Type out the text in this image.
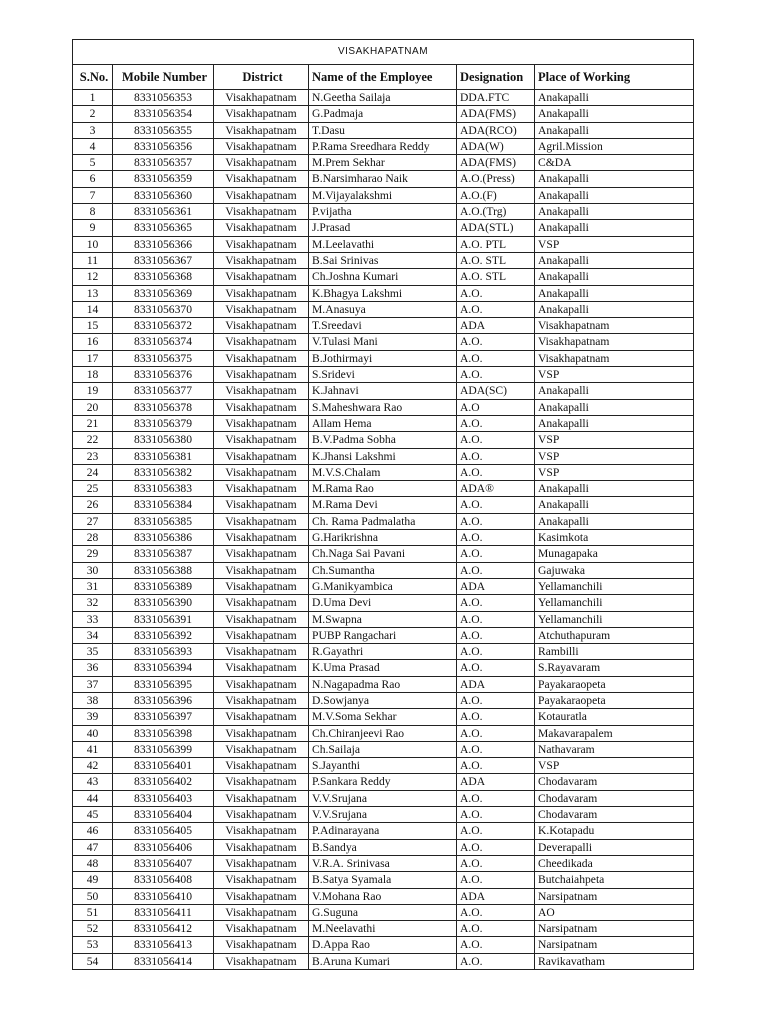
VISAKHAPATNAM					
S.No.	Mobile Number	District	Name of the Employee	Designation	Place of Working
1	8331056353	Visakhapatnam	N.Geetha Sailaja	DDA.FTC	Anakapalli
2	8331056354	Visakhapatnam	G.Padmaja	ADA(FMS)	Anakapalli
3	8331056355	Visakhapatnam	T.Dasu	ADA(RCO)	Anakapalli
4	8331056356	Visakhapatnam	P.Rama Sreedhara Reddy	ADA(W)	Agril.Mission
5	8331056357	Visakhapatnam	M.Prem Sekhar	ADA(FMS)	C&DA
6	8331056359	Visakhapatnam	B.Narsimharao Naik	A.O.(Press)	Anakapalli
7	8331056360	Visakhapatnam	M.Vijayalakshmi	A.O.(F)	Anakapalli
8	8331056361	Visakhapatnam	P.vijatha	A.O.(Trg)	Anakapalli
9	8331056365	Visakhapatnam	J.Prasad	ADA(STL)	Anakapalli
10	8331056366	Visakhapatnam	M.Leelavathi	A.O. PTL	VSP
11	8331056367	Visakhapatnam	B.Sai Srinivas	A.O. STL	Anakapalli
12	8331056368	Visakhapatnam	Ch.Joshna Kumari	A.O. STL	Anakapalli
13	8331056369	Visakhapatnam	K.Bhagya Lakshmi	A.O.	Anakapalli
14	8331056370	Visakhapatnam	M.Anasuya	A.O.	Anakapalli
15	8331056372	Visakhapatnam	T.Sreedavi	ADA	Visakhapatnam
16	8331056374	Visakhapatnam	V.Tulasi Mani	A.O.	Visakhapatnam
17	8331056375	Visakhapatnam	B.Jothirmayi	A.O.	Visakhapatnam
18	8331056376	Visakhapatnam	S.Sridevi	A.O.	VSP
19	8331056377	Visakhapatnam	K.Jahnavi	ADA(SC)	Anakapalli
20	8331056378	Visakhapatnam	S.Maheshwara Rao	A.O	Anakapalli
21	8331056379	Visakhapatnam	Allam Hema	A.O.	Anakapalli
22	8331056380	Visakhapatnam	B.V.Padma Sobha	A.O.	VSP
23	8331056381	Visakhapatnam	K.Jhansi Lakshmi	A.O.	VSP
24	8331056382	Visakhapatnam	M.V.S.Chalam	A.O.	VSP
25	8331056383	Visakhapatnam	M.Rama Rao	ADA®	Anakapalli
26	8331056384	Visakhapatnam	M.Rama Devi	A.O.	Anakapalli
27	8331056385	Visakhapatnam	Ch. Rama Padmalatha	A.O.	Anakapalli
28	8331056386	Visakhapatnam	G.Harikrishna	A.O.	Kasimkota
29	8331056387	Visakhapatnam	Ch.Naga Sai Pavani	A.O.	Munagapaka
30	8331056388	Visakhapatnam	Ch.Sumantha	A.O.	Gajuwaka
31	8331056389	Visakhapatnam	G.Manikyambica	ADA	Yellamanchili
32	8331056390	Visakhapatnam	D.Uma Devi	A.O.	Yellamanchili
33	8331056391	Visakhapatnam	M.Swapna	A.O.	Yellamanchili
34	8331056392	Visakhapatnam	PUBP Rangachari	A.O.	Atchuthapuram
35	8331056393	Visakhapatnam	R.Gayathri	A.O.	Rambilli
36	8331056394	Visakhapatnam	K.Uma Prasad	A.O.	S.Rayavaram
37	8331056395	Visakhapatnam	N.Nagapadma Rao	ADA	Payakaraopeta
38	8331056396	Visakhapatnam	D.Sowjanya	A.O.	Payakaraopeta
39	8331056397	Visakhapatnam	M.V.Soma Sekhar	A.O.	Kotauratla
40	8331056398	Visakhapatnam	Ch.Chiranjeevi Rao	A.O.	Makavarapalem
41	8331056399	Visakhapatnam	Ch.Sailaja	A.O.	Nathavaram
42	8331056401	Visakhapatnam	S.Jayanthi	A.O.	VSP
43	8331056402	Visakhapatnam	P.Sankara Reddy	ADA	Chodavaram
44	8331056403	Visakhapatnam	V.V.Srujana	A.O.	Chodavaram
45	8331056404	Visakhapatnam	V.V.Srujana	A.O.	Chodavaram
46	8331056405	Visakhapatnam	P.Adinarayana	A.O.	K.Kotapadu
47	8331056406	Visakhapatnam	B.Sandya	A.O.	Deverapalli
48	8331056407	Visakhapatnam	V.R.A. Srinivasa	A.O.	Cheedikada
49	8331056408	Visakhapatnam	B.Satya Syamala	A.O.	Butchaiahpeta
50	8331056410	Visakhapatnam	V.Mohana Rao	ADA	Narsipatnam
51	8331056411	Visakhapatnam	G.Suguna	A.O.	AO
52	8331056412	Visakhapatnam	M.Neelavathi	A.O.	Narsipatnam
53	8331056413	Visakhapatnam	D.Appa Rao	A.O.	Narsipatnam
54	8331056414	Visakhapatnam	B.Aruna Kumari	A.O.	Ravikavatham
